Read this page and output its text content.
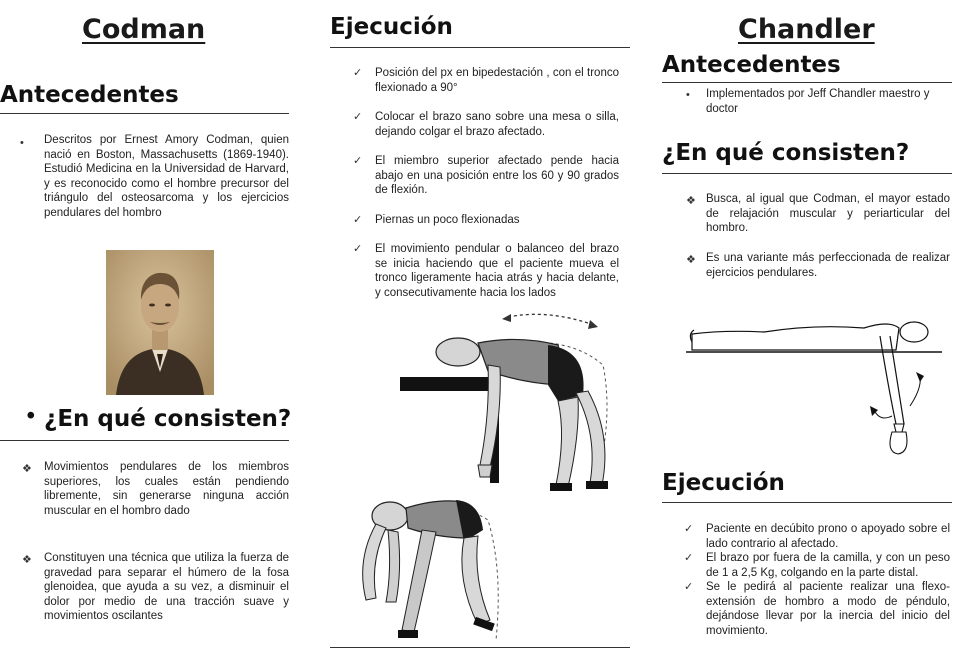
Codman
Antecedentes
• Descritos por Ernest Amory Codman, quien nació en Boston, Massachusetts (1869-1940). Estudió Medicina en la Universidad de Harvard, y es reconocido como el hombre precursor del triángulo del osteosarcoma y los ejercicios pendulares del hombro

• ¿En qué consisten?
❖ Movimientos pendulares de los miembros superiores, los cuales están pendiendo libremente, sin generarse ninguna acción muscular en el hombro dado

❖ Constituyen una técnica que utiliza la fuerza de gravedad para separar el húmero de la fosa glenoidea, que ayuda a su vez, a disminuir el dolor por medio de una tracción suave y movimientos oscilantes

Ejecución
✓ Posición del px en bipedestación , con el tronco flexionado a 90°
✓ Colocar el brazo sano sobre una mesa o silla, dejando colgar el brazo afectado.
✓ El miembro superior afectado pende hacia abajo en una posición entre los 60 y 90 grados de flexión.
✓ Piernas un poco flexionadas
✓ El movimiento pendular o balanceo del brazo se inicia haciendo que el paciente mueva el tronco ligeramente hacia atrás y hacia delante, y consecutivamente hacia los lados
Chandler
Antecedentes
• Implementados por Jeff Chandler maestro y doctor

¿En qué consisten?
❖ Busca, al igual que Codman, el mayor estado de relajación muscular y periarticular del hombro.

❖ Es una variante más perfeccionada de realizar ejercicios pendulares.

Ejecución
✓ Paciente en decúbito prono o apoyado sobre el lado contrario al afectado.
✓ El brazo por fuera de la camilla, y con un peso de 1 a 2,5 Kg, colgando en la parte distal.
✓ Se le pedirá al paciente realizar una flexo-extensión de hombro a modo de péndulo, dejándose llevar por la inercia del inicio del movimiento.
